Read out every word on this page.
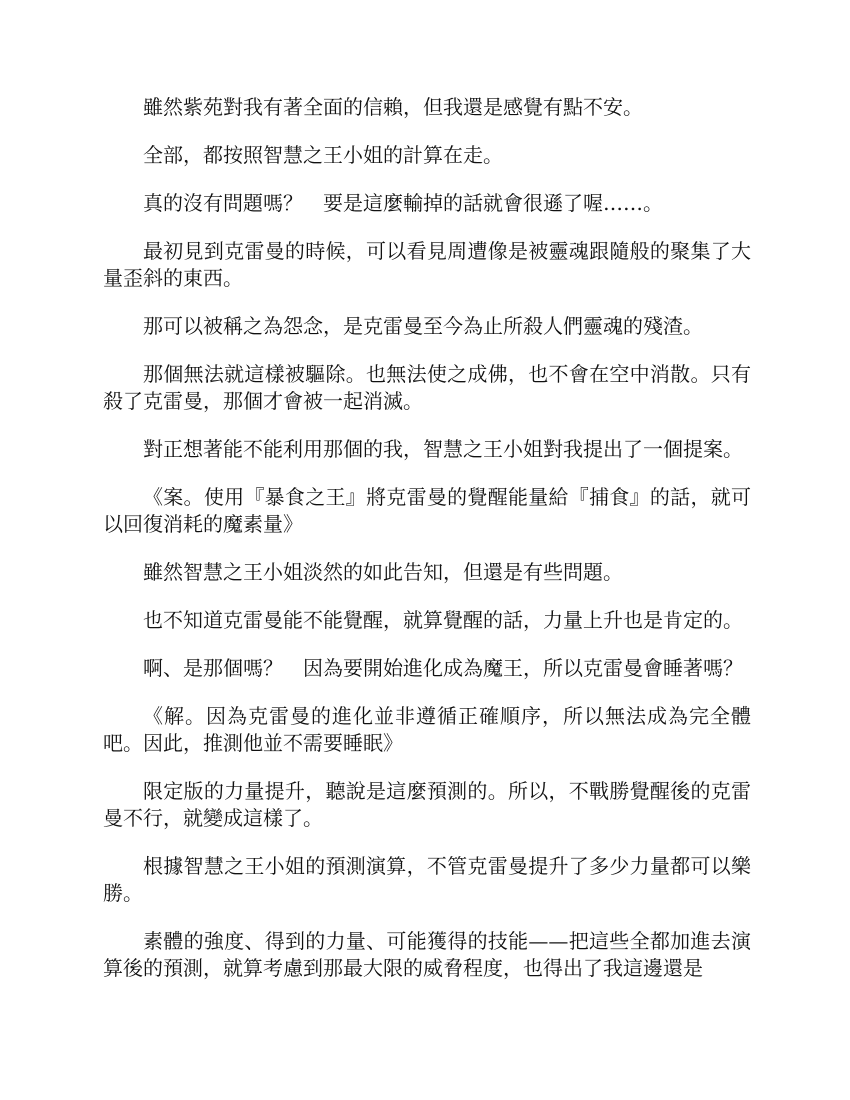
雖然紫苑對我有著全面的信賴，但我還是感覺有點不安。

全部，都按照智慧之王小姐的計算在走。

真的沒有問題嗎？　要是這麼輸掉的話就會很遜了喔……。

最初見到克雷曼的時候，可以看見周遭像是被靈魂跟隨般的聚集了大量歪斜的東西。

那可以被稱之為怨念，是克雷曼至今為止所殺人們靈魂的殘渣。

那個無法就這樣被驅除。也無法使之成佛，也不會在空中消散。只有殺了克雷曼，那個才會被一起消滅。

對正想著能不能利用那個的我，智慧之王小姐對我提出了一個提案。

《案。使用『暴食之王』將克雷曼的覺醒能量給『捕食』的話，就可以回復消耗的魔素量》

雖然智慧之王小姐淡然的如此告知，但還是有些問題。

也不知道克雷曼能不能覺醒，就算覺醒的話，力量上升也是肯定的。

啊、是那個嗎？　因為要開始進化成為魔王，所以克雷曼會睡著嗎？

《解。因為克雷曼的進化並非遵循正確順序，所以無法成為完全體吧。因此，推測他並不需要睡眠》

限定版的力量提升，聽說是這麼預測的。所以，不戰勝覺醒後的克雷曼不行，就變成這樣了。

根據智慧之王小姐的預測演算，不管克雷曼提升了多少力量都可以樂勝。

素體的強度、得到的力量、可能獲得的技能——把這些全都加進去演算後的預測，就算考慮到那最大限的威脅程度，也得出了我這邊還是
